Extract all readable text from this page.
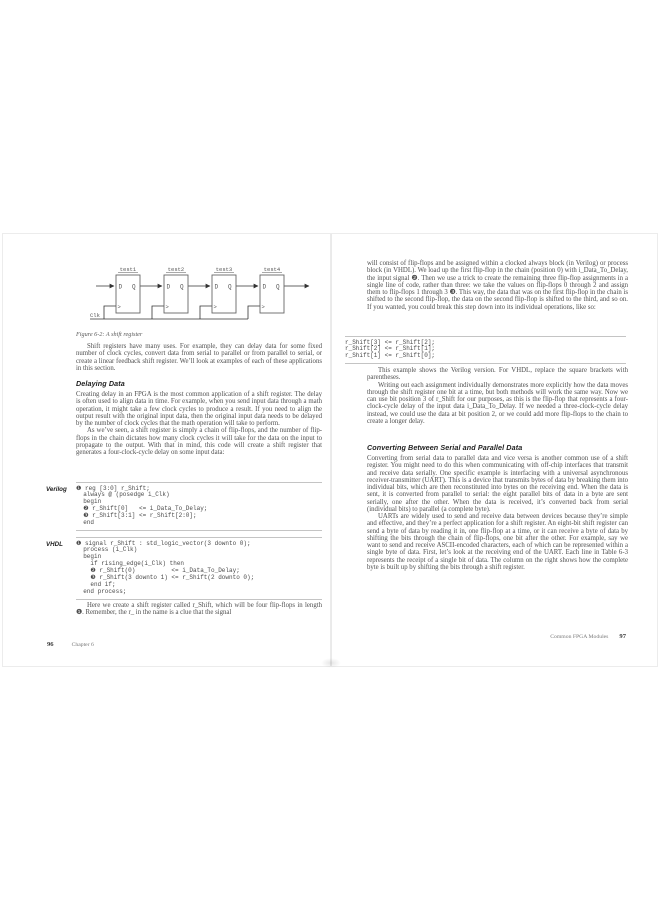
Clk
test1
D Q
>
test2
D Q
>
test3
D Q
>
test4
D Q
>
Figure 6-2: A shift register

Shift registers have many uses. For example, they can delay data for some fixed number of clock cycles, convert data from serial to parallel or from parallel to serial, or create a linear feedback shift register. We’ll look at examples of each of these applications in this section.

Delaying Data

Creating delay in an FPGA is the most common application of a shift register. The delay is often used to align data in time. For example, when you send input data through a math operation, it might take a few clock cycles to produce a result. If you need to align the output result with the original input data, then the original input data needs to be delayed by the number of clock cycles that the math operation will take to perform.

As we’ve seen, a shift register is simply a chain of flip-flops, and the number of flip-flops in the chain dictates how many clock cycles it will take for the data on the input to propagate to the output. With that in mind, this code will create a shift register that generates a four-clock-cycle delay on some input data:

Verilog ❶ reg [3:0] r_Shift;
always @ (posedge i_Clk)
begin
❷ r_Shift[0]   <= i_Data_To_Delay;
❸ r_Shift[3:1] <= r_Shift[2:0];
end
VHDL ❶ signal r_Shift : std_logic_vector(3 downto 0);
process (i_Clk)
begin
if rising_edge(i_Clk) then
❷ r_Shift(0)          <= i_Data_To_Delay;
❸ r_Shift(3 downto 1) <= r_Shift(2 downto 0);
end if;
end process;

Here we create a shift register called r_Shift, which will be four flip-flops in length ❶. Remember, the r_ in the name is a clue that the signal

96	Chapter 6

will consist of flip-flops and be assigned within a clocked always block (in Verilog) or process block (in VHDL). We load up the first flip-flop in the chain (position 0) with i_Data_To_Delay, the input signal ❷. Then we use a trick to create the remaining three flip-flop assignments in a single line of code, rather than three: we take the values on flip-flops 0 through 2 and assign them to flip-flops 1 through 3 ❸. This way, the data that was on the first flip-flop in the chain is shifted to the second flip-flop, the data on the second flip-flop is shifted to the third, and so on. If you wanted, you could break this step down into its individual operations, like so:

r_Shift[3] <= r_Shift[2];
r_Shift[2] <= r_Shift[1];
r_Shift[1] <= r_Shift[0];

This example shows the Verilog version. For VHDL, replace the square brackets with parentheses.

Writing out each assignment individually demonstrates more explicitly how the data moves through the shift register one bit at a time, but both methods will work the same way. Now we can use bit position 3 of r_Shift for our purposes, as this is the flip-flop that represents a four-clock-cycle delay of the input data i_Data_To_Delay. If we needed a three-clock-cycle delay instead, we could use the data at bit position 2, or we could add more flip-flops to the chain to create a longer delay.

Converting Between Serial and Parallel Data

Converting from serial data to parallel data and vice versa is another common use of a shift register. You might need to do this when communicating with off-chip interfaces that transmit and receive data serially. One specific example is interfacing with a universal asynchronous receiver-transmitter (UART). This is a device that transmits bytes of data by breaking them into individual bits, which are then reconstituted into bytes on the receiving end. When the data is sent, it is converted from parallel to serial: the eight parallel bits of data in a byte are sent serially, one after the other. When the data is received, it’s converted back from serial (individual bits) to parallel (a complete byte).

UARTs are widely used to send and receive data between devices because they’re simple and effective, and they’re a perfect application for a shift register. An eight-bit shift register can send a byte of data by reading it in, one flip-flop at a time, or it can receive a byte of data by shifting the bits through the chain of flip-flops, one bit after the other. For example, say we want to send and receive ASCII-encoded characters, each of which can be represented within a single byte of data. First, let’s look at the receiving end of the UART. Each line in Table 6-3 represents the receipt of a single bit of data. The column on the right shows how the complete byte is built up by shifting the bits through a shift register.

Common FPGA Modules 97
